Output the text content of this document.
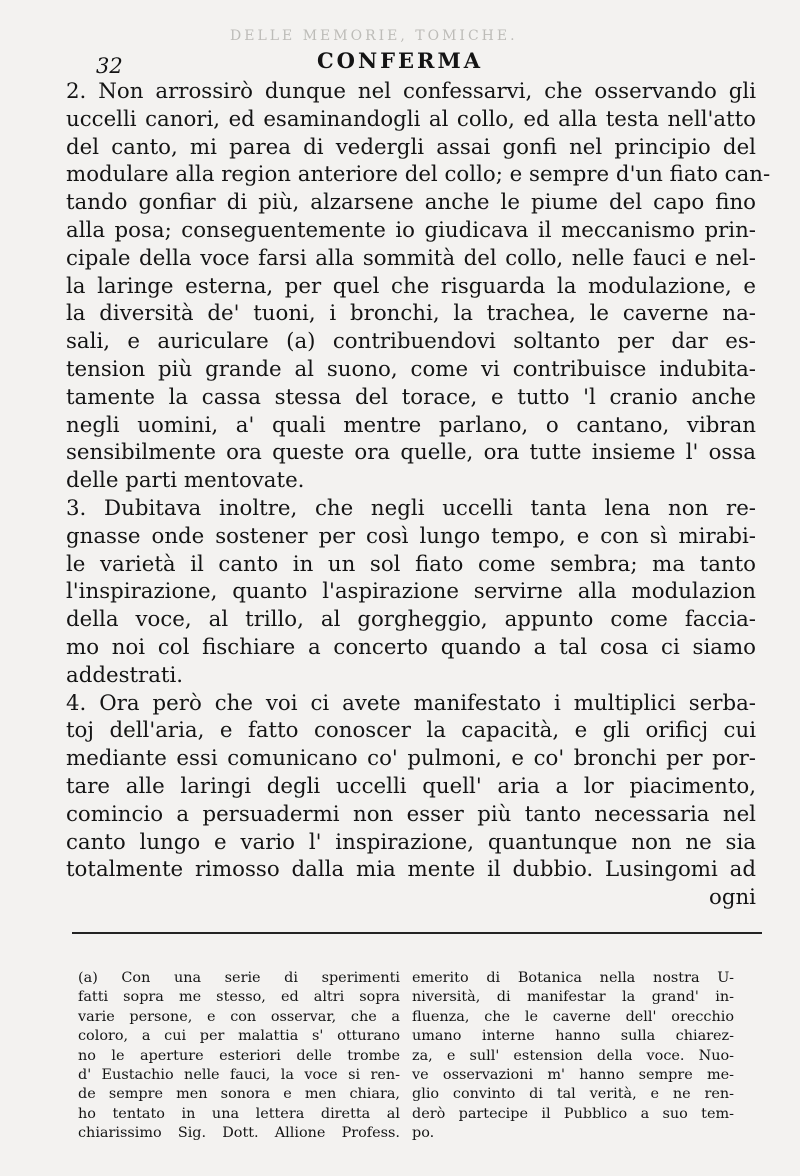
DELLE MEMORIE, TOMICHE.
32	CONFERMA
2. Non arrossirò dunque nel confessarvi, che osservando gli
uccelli canori, ed esaminandogli al collo, ed alla testa nell'atto
del canto, mi parea di vedergli assai gonfi nel principio del
modulare alla region anteriore del collo; e sempre d'un fiato can-
tando gonfiar di più, alzarsene anche le piume del capo fino
alla posa; conseguentemente io giudicava il meccanismo prin-
cipale della voce farsi alla sommità del collo, nelle fauci e nel-
la laringe esterna, per quel che risguarda la modulazione, e
la diversità de' tuoni, i bronchi, la trachea, le caverne na-
sali, e auriculare (a) contribuendovi soltanto per dar es-
tension più grande al suono, come vi contribuisce indubita-
tamente la cassa stessa del torace, e tutto 'l cranio anche
negli uomini, a' quali mentre parlano, o cantano, vibran
sensibilmente ora queste ora quelle, ora tutte insieme l' ossa
delle parti mentovate.
3. Dubitava inoltre, che negli uccelli tanta lena non re-
gnasse onde sostener per così lungo tempo, e con sì mirabi-
le varietà il canto in un sol fiato come sembra; ma tanto
l'inspirazione, quanto l'aspirazione servirne alla modulazion
della voce, al trillo, al gorgheggio, appunto come faccia-
mo noi col fischiare a concerto quando a tal cosa ci siamo
addestrati.
4. Ora però che voi ci avete manifestato i multiplici serba-
toj dell'aria, e fatto conoscer la capacità, e gli orificj cui
mediante essi comunicano co' pulmoni, e co' bronchi per por-
tare alle laringi degli uccelli quell' aria a lor piacimento,
comincio a persuadermi non esser più tanto necessaria nel
canto lungo e vario l' inspirazione, quantunque non ne sia
totalmente rimosso dalla mia mente il dubbio. Lusingomi ad
ogni
(a) Con una serie di sperimenti
fatti sopra me stesso, ed altri sopra
varie persone, e con osservar, che a
coloro, a cui per malattia s' otturano
no le aperture esteriori delle trombe
d' Eustachio nelle fauci, la voce si ren-
de sempre men sonora e men chiara,
ho tentato in una lettera diretta al
chiarissimo Sig. Dott. Allione Profess.
emerito di Botanica nella nostra U-
niversità, di manifestar la grand' in-
fluenza, che le caverne dell' orecchio
umano interne hanno sulla chiarez-
za, e sull' estension della voce. Nuo-
ve osservazioni m' hanno sempre me-
glio convinto di tal verità, e ne ren-
derò partecipe il Pubblico a suo tem-
po.
